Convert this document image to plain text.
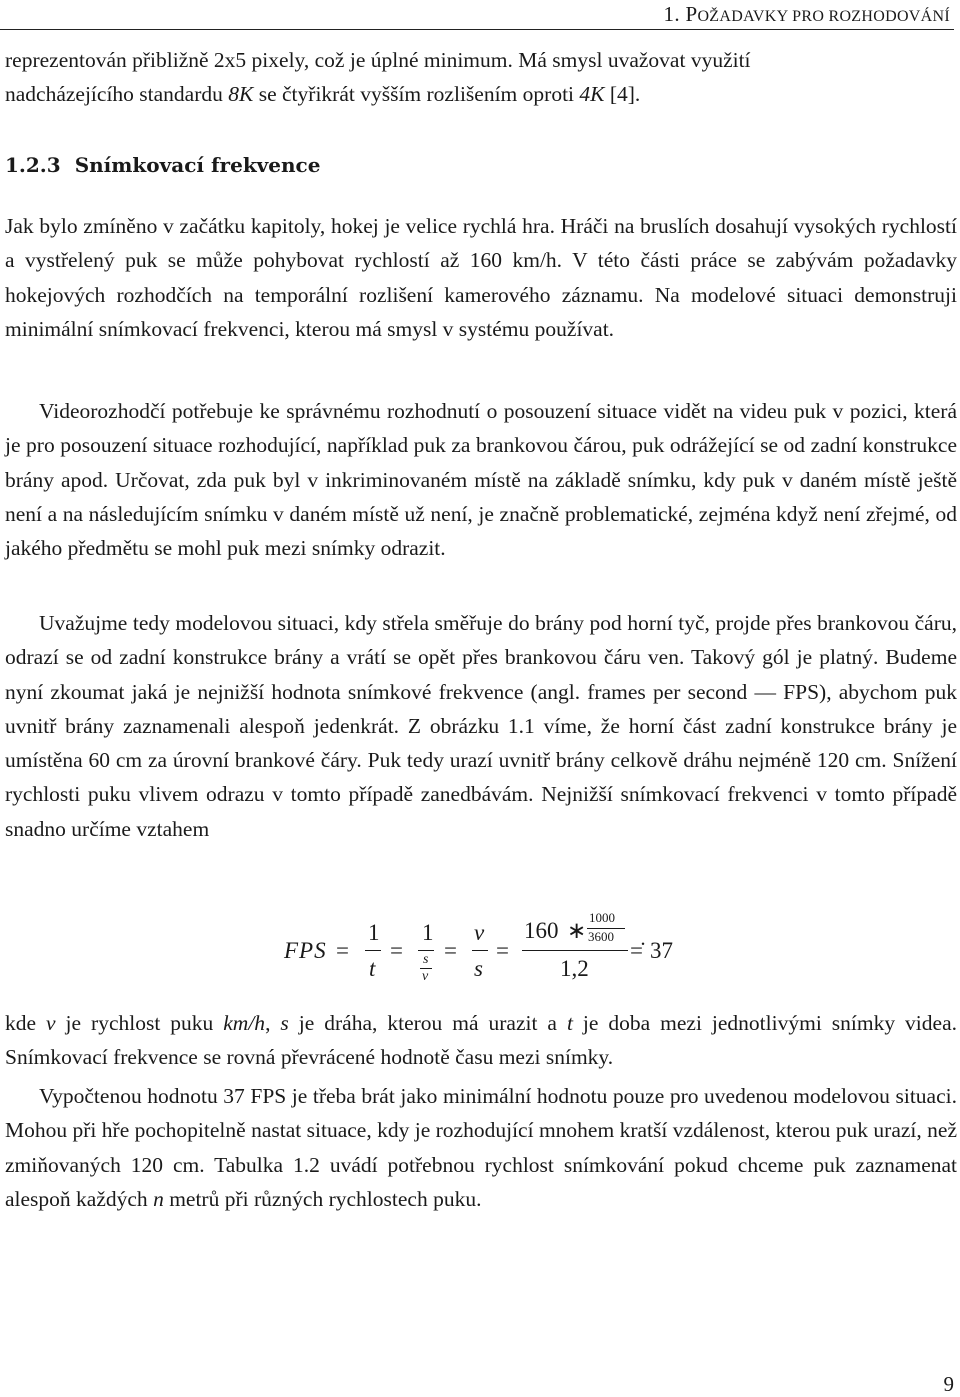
1. POŽADAVKY PRO ROZHODOVÁNÍ

reprezentován přibližně 2x5 pixely, což je úplné minimum. Má smysl uvažovat využití

nadcházejícího standardu 8K se čtyřikrát vyšším rozlišením oproti 4K [4].

1.2.3 Snímkovací frekvence

Jak bylo zmíněno v začátku kapitoly, hokej je velice rychlá hra. Hráči na bruslích dosahují vysokých rychlostí a vystřelený puk se může pohybovat rychlostí až 160 km/h. V této části práce se zabývám požadavky hokejových rozhodčích na temporální rozlišení kamerového záznamu. Na modelové situaci demonstruji minimální snímkovací frekvenci, kterou má smysl v systému používat.

Videorozhodčí potřebuje ke správnému rozhodnutí o posouzení situace vidět na videu puk v pozici, která je pro posouzení situace rozhodující, například puk za brankovou čárou, puk odrážející se od zadní konstrukce brány apod. Určovat, zda puk byl v inkriminovaném místě na základě snímku, kdy puk v daném místě ještě není a na následujícím snímku v daném místě už není, je značně problematické, zejména když není zřejmé, od jakého předmětu se mohl puk mezi snímky odrazit.

Uvažujme tedy modelovou situaci, kdy střela směřuje do brány pod horní tyč, projde přes brankovou čáru, odrazí se od zadní konstrukce brány a vrátí se opět přes brankovou čáru ven. Takový gól je platný. Budeme nyní zkoumat jaká je nejnižší hodnota snímkové frekvence (angl. frames per second — FPS), abychom puk uvnitř brány zaznamenali alespoň jedenkrát. Z obrázku 1.1 víme, že horní část zadní konstrukce brány je umístěna 60 cm za úrovní brankové čáry. Puk tedy urazí uvnitř brány celkově dráhu nejméně 120 cm. Snížení rychlosti puku vlivem odrazu v tomto případě zanedbávám. Nejnižší snímkovací frekvenci v tomto případě snadno určíme vztahem

FPS =
1
t
=
1
s
v
=
v
s
=
160 ∗
1000
3600
1,2
=̇ 37

kde v je rychlost puku km/h, s je dráha, kterou má urazit a t je doba mezi jednotlivými snímky videa. Snímkovací frekvence se rovná převrácené hodnotě času mezi snímky.

Vypočtenou hodnotu 37 FPS je třeba brát jako minimální hodnotu pouze pro uvedenou modelovou situaci. Mohou při hře pochopitelně nastat situace, kdy je rozhodující mnohem kratší vzdálenost, kterou puk urazí, než zmiňovaných 120 cm. Tabulka 1.2 uvádí potřebnou rychlost snímkování pokud chceme puk zaznamenat alespoň každých n metrů při různých rychlostech puku.

9
